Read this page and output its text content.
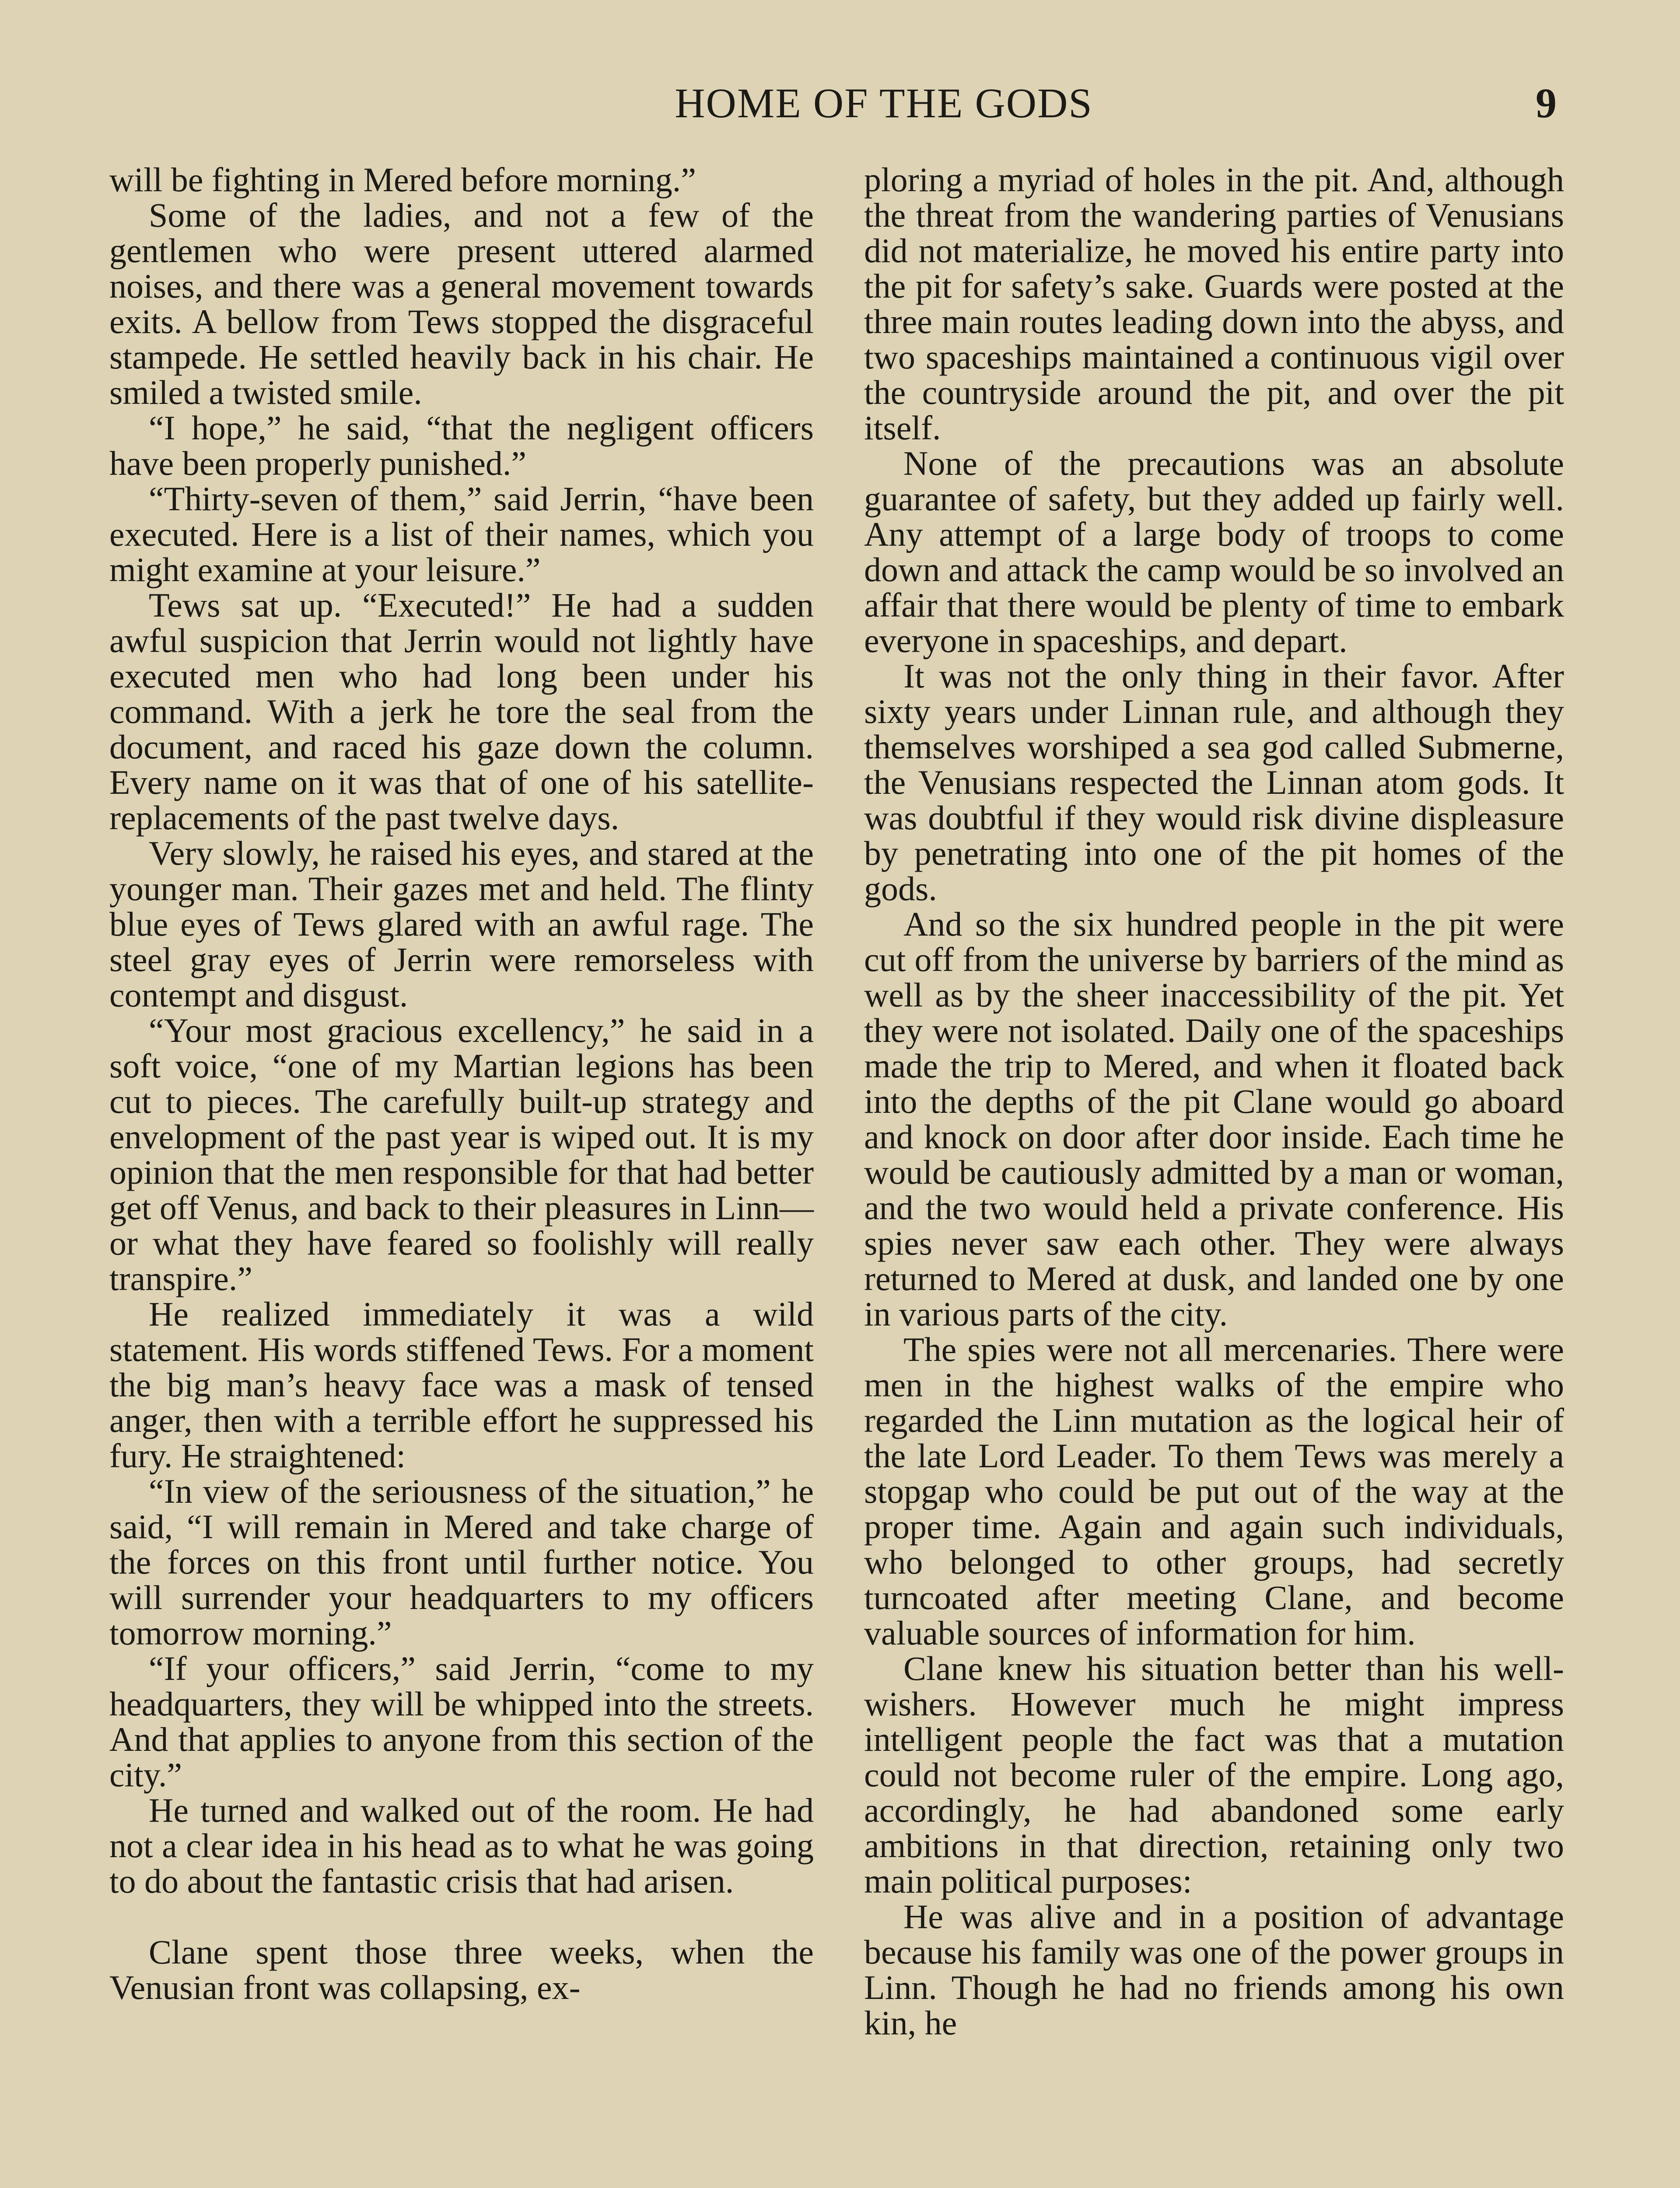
HOME OF THE GODS	9

will be fighting in Mered before morning.”

Some of the ladies, and not a few of the gentlemen who were present uttered alarmed noises, and there was a general movement towards exits. A bellow from Tews stopped the disgraceful stampede. He settled heavily back in his chair. He smiled a twisted smile.

“I hope,” he said, “that the negligent officers have been properly punished.”

“Thirty-seven of them,” said Jerrin, “have been executed. Here is a list of their names, which you might examine at your leisure.”

Tews sat up. “Executed!” He had a sudden awful suspicion that Jerrin would not lightly have executed men who had long been under his command. With a jerk he tore the seal from the document, and raced his gaze down the column. Every name on it was that of one of his satellite-replacements of the past twelve days.

Very slowly, he raised his eyes, and stared at the younger man. Their gazes met and held. The flinty blue eyes of Tews glared with an awful rage. The steel gray eyes of Jerrin were remorseless with contempt and disgust.

“Your most gracious excellency,” he said in a soft voice, “one of my Martian legions has been cut to pieces. The carefully built-up strategy and envelopment of the past year is wiped out. It is my opinion that the men responsible for that had better get off Venus, and back to their pleasures in Linn—or what they have feared so foolishly will really transpire.”

He realized immediately it was a wild statement. His words stiffened Tews. For a moment the big man’s heavy face was a mask of tensed anger, then with a terrible effort he suppressed his fury. He straightened:

“In view of the seriousness of the situation,” he said, “I will remain in Mered and take charge of the forces on this front until further notice. You will surrender your headquarters to my officers tomorrow morning.”

“If your officers,” said Jerrin, “come to my headquarters, they will be whipped into the streets. And that applies to anyone from this section of the city.”

He turned and walked out of the room. He had not a clear idea in his head as to what he was going to do about the fantastic crisis that had arisen.

Clane spent those three weeks, when the Venusian front was collapsing, ex-

ploring a myriad of holes in the pit. And, although the threat from the wandering parties of Venusians did not materialize, he moved his entire party into the pit for safety’s sake. Guards were posted at the three main routes leading down into the abyss, and two spaceships maintained a continuous vigil over the countryside around the pit, and over the pit itself.

None of the precautions was an absolute guarantee of safety, but they added up fairly well. Any attempt of a large body of troops to come down and attack the camp would be so involved an affair that there would be plenty of time to embark everyone in spaceships, and depart.

It was not the only thing in their favor. After sixty years under Linnan rule, and although they themselves worshiped a sea god called Submerne, the Venusians respected the Linnan atom gods. It was doubtful if they would risk divine displeasure by penetrating into one of the pit homes of the gods.

And so the six hundred people in the pit were cut off from the universe by barriers of the mind as well as by the sheer inaccessibility of the pit. Yet they were not isolated. Daily one of the spaceships made the trip to Mered, and when it floated back into the depths of the pit Clane would go aboard and knock on door after door inside. Each time he would be cautiously admitted by a man or woman, and the two would held a private conference. His spies never saw each other. They were always returned to Mered at dusk, and landed one by one in various parts of the city.

The spies were not all mercenaries. There were men in the highest walks of the empire who regarded the Linn mutation as the logical heir of the late Lord Leader. To them Tews was merely a stopgap who could be put out of the way at the proper time. Again and again such individuals, who belonged to other groups, had secretly turncoated after meeting Clane, and become valuable sources of information for him.

Clane knew his situation better than his well-wishers. However much he might impress intelligent people the fact was that a mutation could not become ruler of the empire. Long ago, accordingly, he had abandoned some early ambitions in that direction, retaining only two main political purposes:

He was alive and in a position of advantage because his family was one of the power groups in Linn. Though he had no friends among his own kin, he
